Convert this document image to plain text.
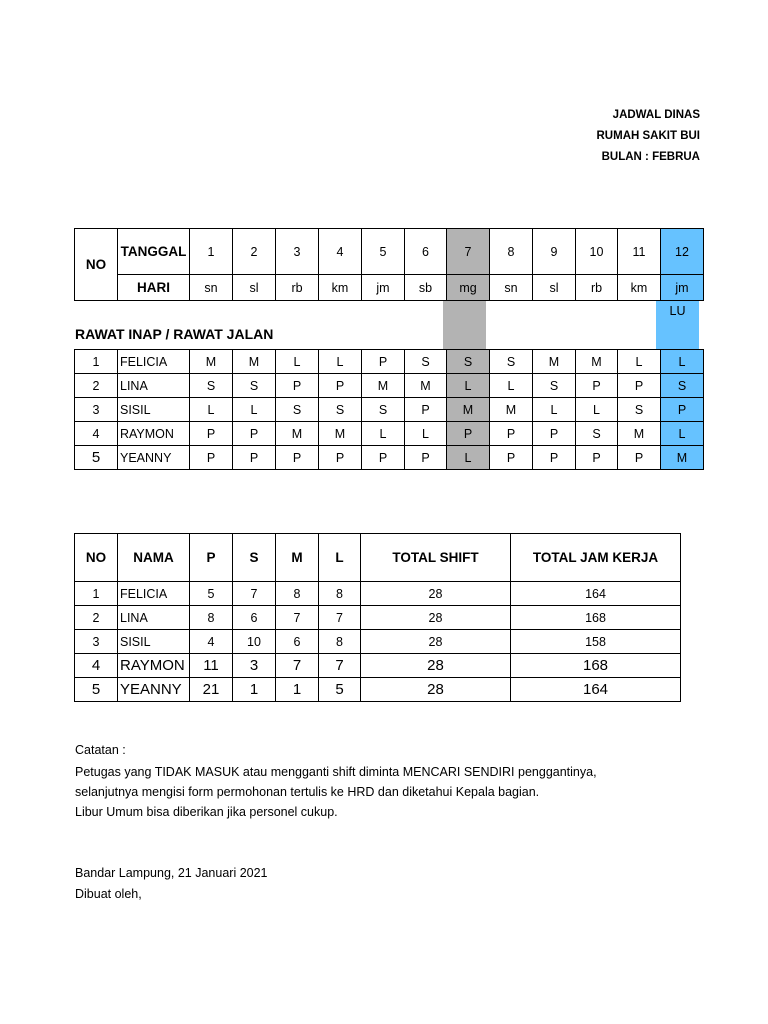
JADWAL DINAS
RUMAH SAKIT BUI
BULAN : FEBRUA
NO	TANGGAL	1	2	3	4	5	6	7	8	9	10	11	12
	HARI	sn	sl	rb	km	jm	sb	mg	sn	sl	rb	km	jm
LU
RAWAT INAP / RAWAT JALAN
1	FELICIA	M	M	L	L	P	S	S	S	M	M	L	L
2	LINA	S	S	P	P	M	M	L	L	S	P	P	S
3	SISIL	L	L	S	S	S	P	M	M	L	L	S	P
4	RAYMON	P	P	M	M	L	L	P	P	P	S	M	L
5	YEANNY	P	P	P	P	P	P	L	P	P	P	P	M
NO	NAMA	P	S	M	L	TOTAL SHIFT	TOTAL JAM KERJA
1	FELICIA	5	7	8	8	28	164
2	LINA	8	6	7	7	28	168
3	SISIL	4	10	6	8	28	158
4	RAYMON	11	3	7	7	28	168
5	YEANNY	21	1	1	5	28	164
Catatan :
Petugas yang TIDAK MASUK atau mengganti shift diminta MENCARI SENDIRI penggantinya,
selanjutnya mengisi form permohonan tertulis ke HRD dan diketahui Kepala bagian.
Libur Umum bisa diberikan jika personel cukup.
Bandar Lampung, 21 Januari 2021
Dibuat oleh,
